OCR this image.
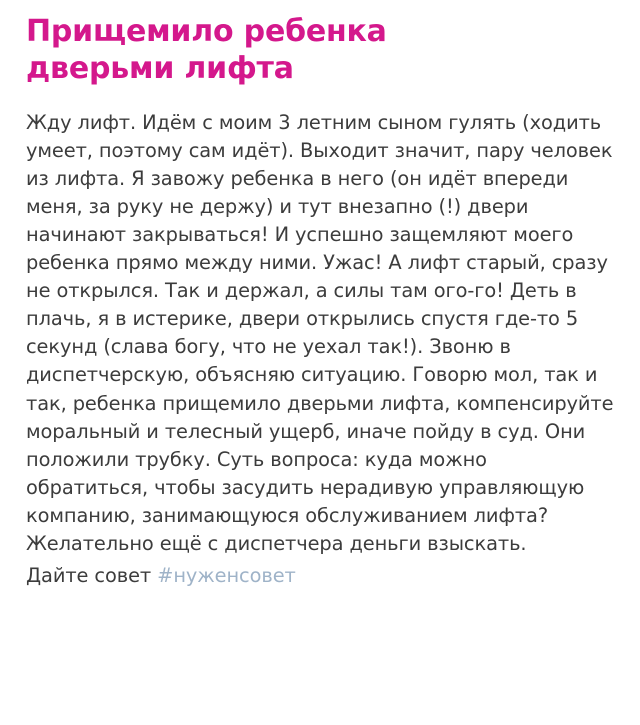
Прищемило ребенка дверьми лифта
Жду лифт. Идём с моим 3 летним сыном гулять (ходить умеет, поэтому сам идёт). Выходит значит, пару человек из лифта. Я завожу ребенка в него (он идёт впереди меня, за руку не держу) и тут внезапно (!) двери начинают закрываться! И успешно защемляют моего ребенка прямо между ними. Ужас! А лифт старый, сразу не открылся. Так и держал, а силы там ого-го! Деть в плачь, я в истерике, двери открылись спустя где-то 5 секунд (слава богу, что не уехал так!). Звоню в диспетчерскую, объясняю ситуацию. Говорю мол, так и так, ребенка прищемило дверьми лифта, компенсируйте моральный и телесный ущерб, иначе пойду в суд. Они положили трубку. Суть вопроса: куда можно обратиться, чтобы засудить нерадивую управляющую компанию, занимающуюся обслуживанием лифта? Желательно ещё с диспетчера деньги взыскать.
Дайте совет #нуженсовет
